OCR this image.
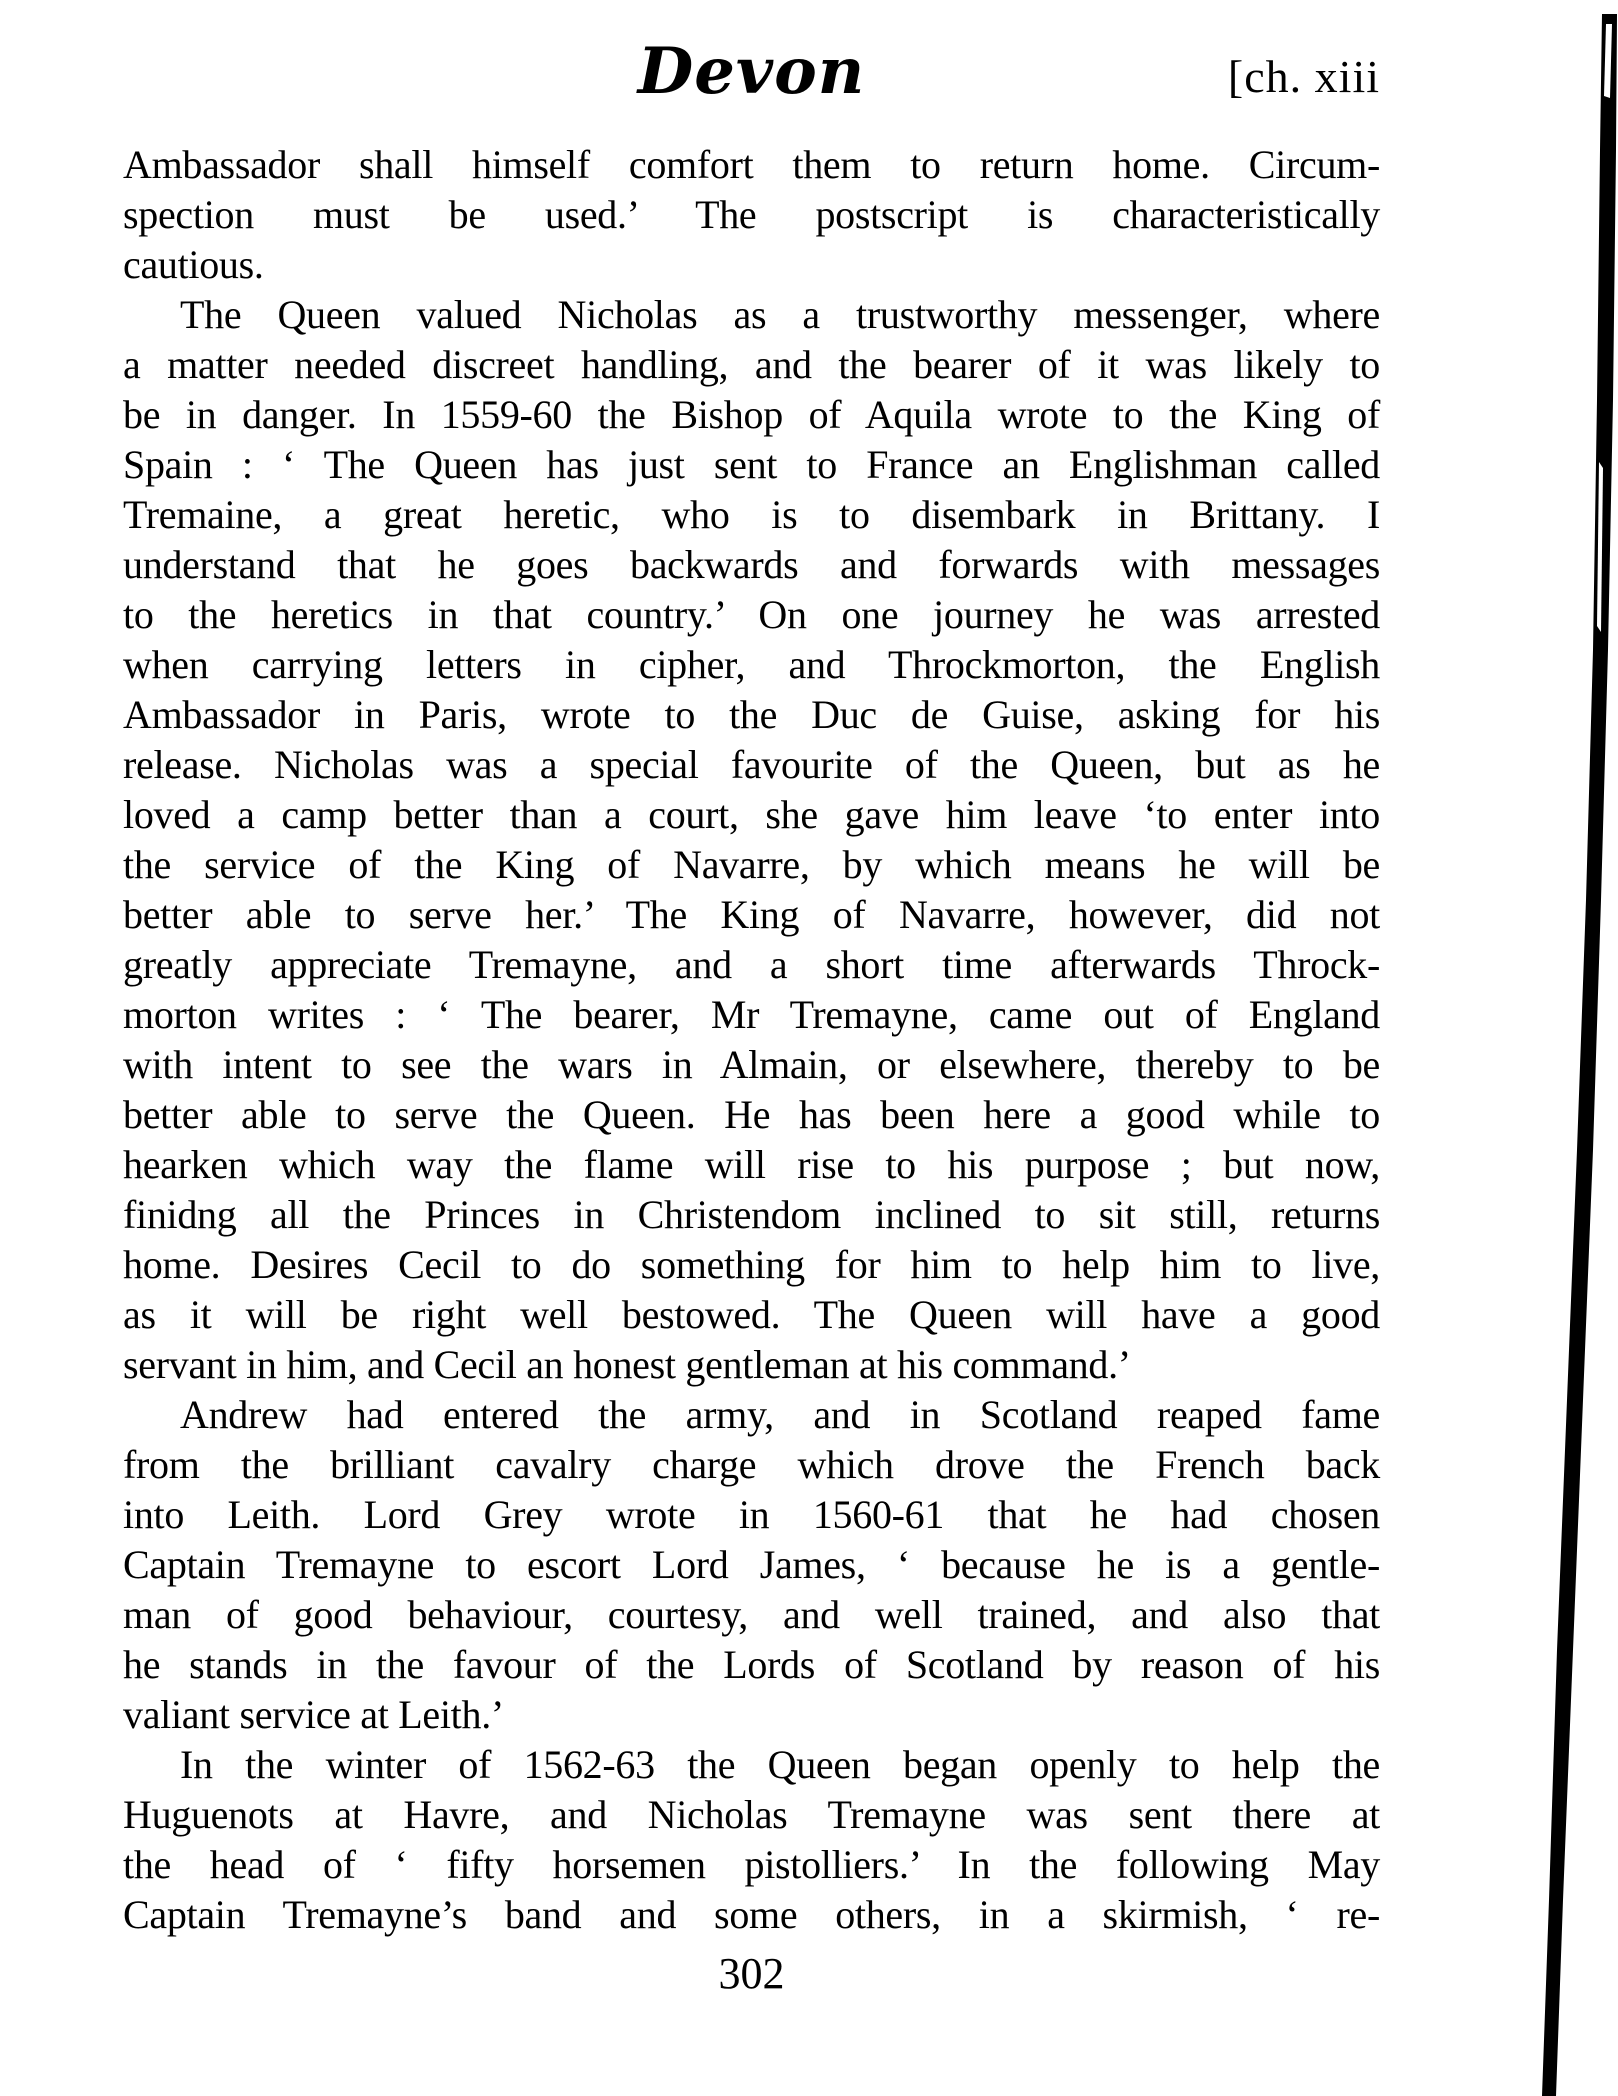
Devon	[ch. xiii
Ambassador shall himself comfort them to return home. Circum-
spection must be used.’ The postscript is characteristically
cautious.
The Queen valued Nicholas as a trustworthy messenger, where
a matter needed discreet handling, and the bearer of it was likely to
be in danger. In 1559-60 the Bishop of Aquila wrote to the King of
Spain : ‘ The Queen has just sent to France an Englishman called
Tremaine, a great heretic, who is to disembark in Brittany. I
understand that he goes backwards and forwards with messages
to the heretics in that country.’ On one journey he was arrested
when carrying letters in cipher, and Throckmorton, the English
Ambassador in Paris, wrote to the Duc de Guise, asking for his
release. Nicholas was a special favourite of the Queen, but as he
loved a camp better than a court, she gave him leave ‘to enter into
the service of the King of Navarre, by which means he will be
better able to serve her.’ The King of Navarre, however, did not
greatly appreciate Tremayne, and a short time afterwards Throck-
morton writes : ‘ The bearer, Mr Tremayne, came out of England
with intent to see the wars in Almain, or elsewhere, thereby to be
better able to serve the Queen. He has been here a good while to
hearken which way the flame will rise to his purpose ; but now,
finidng all the Princes in Christendom inclined to sit still, returns
home. Desires Cecil to do something for him to help him to live,
as it will be right well bestowed. The Queen will have a good
servant in him, and Cecil an honest gentleman at his command.’
Andrew had entered the army, and in Scotland reaped fame
from the brilliant cavalry charge which drove the French back
into Leith. Lord Grey wrote in 1560-61 that he had chosen
Captain Tremayne to escort Lord James, ‘ because he is a gentle-
man of good behaviour, courtesy, and well trained, and also that
he stands in the favour of the Lords of Scotland by reason of his
valiant service at Leith.’
In the winter of 1562-63 the Queen began openly to help the
Huguenots at Havre, and Nicholas Tremayne was sent there at
the head of ‘ fifty horsemen pistolliers.’ In the following May
Captain Tremayne’s band and some others, in a skirmish, ‘ re-
302
